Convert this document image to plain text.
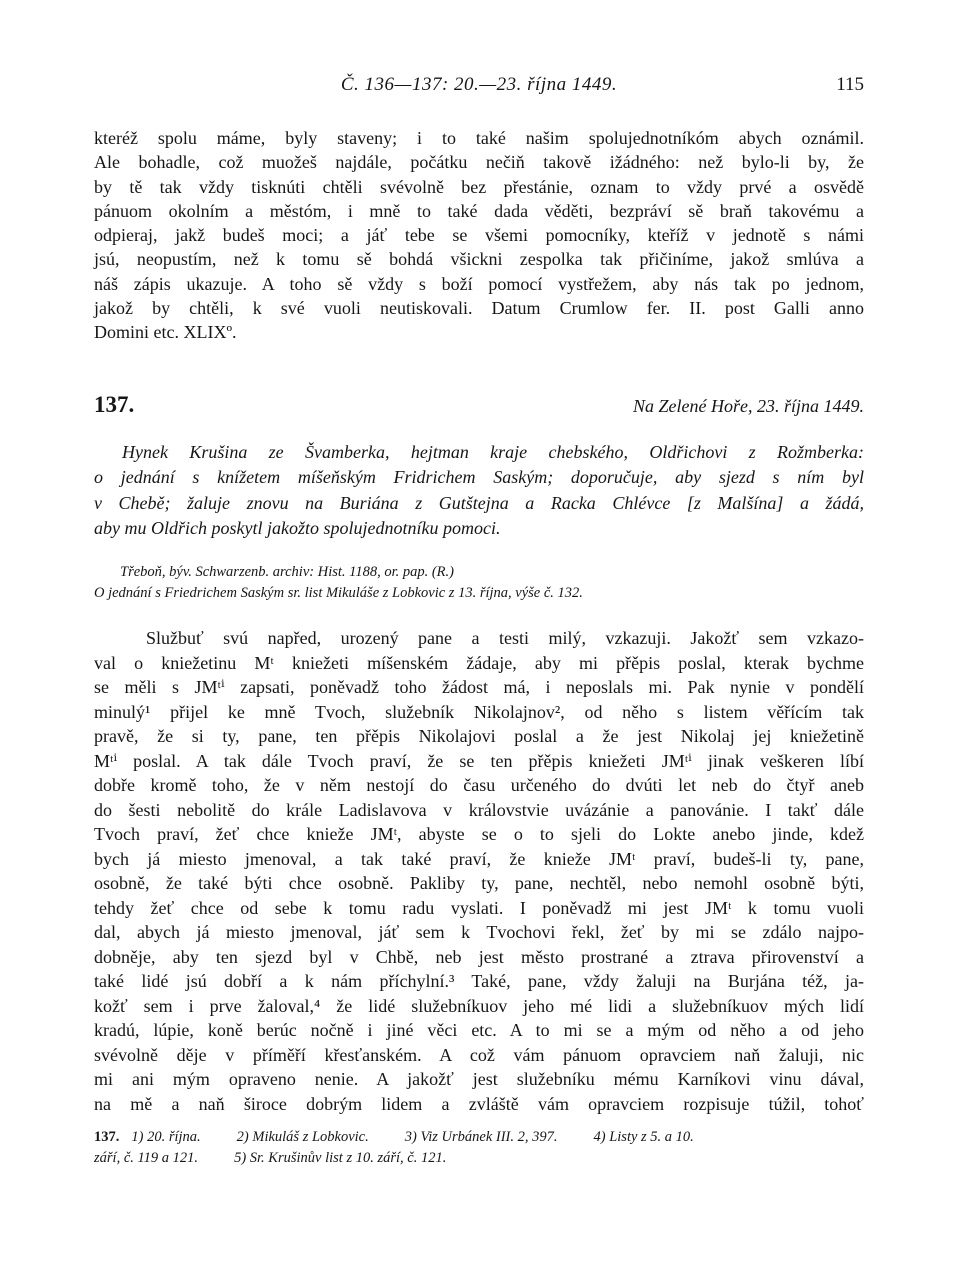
Č. 136—137: 20.—23. října 1449.	115
kteréž spolu máme, byly staveny; i to také našim spolujednotníkóm abych oznámil.
Ale bohadle, což muožeš najdále, počátku nečiň takově ižádného: než bylo-li by, že
by tě tak vždy tisknúti chtěli svévolně bez přestánie, oznam to vždy prvé a osvědě
pánuom okolním a městóm, i mně to také dada věděti, bezpráví sě braň takovému a
odpieraj, jakž budeš moci; a jáť tebe se všemi pomocníky, kteříž v jednotě s námi
jsú, neopustím, než k tomu sě bohdá všickni zespolka tak přičiníme, jakož smlúva a
náš zápis ukazuje. A toho sě vždy s boží pomocí vystřežem, aby nás tak po jednom,
jakož by chtěli, k své vuoli neutiskovali. Datum Crumlow fer. II. post Galli anno
Domini etc. XLIXº.
137.	Na Zelené Hoře, 23. října 1449.
Hynek Krušina ze Švamberka, hejtman kraje chebského, Oldřichovi z Rožmberka:
o jednání s knížetem míšeňským Fridrichem Saským; doporučuje, aby sjezd s ním byl
v Chebě; žaluje znovu na Buriána z Gutštejna a Racka Chlévce [z Malšína] a žádá,
aby mu Oldřich poskytl jakožto spolujednotníku pomoci.
Třeboň, býv. Schwarzenb. archiv: Hist. 1188, or. pap. (R.)
O jednání s Friedrichem Saským sr. list Mikuláše z Lobkovic z 13. října, výše č. 132.
Službuť svú napřed, urozený pane a testi milý, vzkazuji. Jakožť sem vzkazo-
val o kniežetinu Mᵗ kniežeti míšenském žádaje, aby mi přěpis poslal, kterak bychme
se měli s JMᵗⁱ zapsati, poněvadž toho žádost má, i neposlals mi. Pak nynie v pondělí
minulý¹ přijel ke mně Tvoch, služebník Nikolajnov², od něho s listem věřícím tak
pravě, že si ty, pane, ten přěpis Nikolajovi poslal a že jest Nikolaj jej kniežetině
Mᵗⁱ poslal. A tak dále Tvoch praví, že se ten přěpis kniežeti JMᵗⁱ jinak veškeren líbí
dobře kromě toho, že v něm nestojí do času určeného do dvúti let neb do čtyř aneb
do šesti nebolitě do krále Ladislavova v královstvie uvázánie a panovánie. I takť dále
Tvoch praví, žeť chce knieže JMᵗ, abyste se o to sjeli do Lokte anebo jinde, kdež
bych já miesto jmenoval, a tak také praví, že knieže JMᵗ praví, budeš-li ty, pane,
osobně, že také býti chce osobně. Pakliby ty, pane, nechtěl, nebo nemohl osobně býti,
tehdy žeť chce od sebe k tomu radu vyslati. I poněvadž mi jest JMᵗ k tomu vuoli
dal, abych já miesto jmenoval, jáť sem k Tvochovi řekl, žeť by mi se zdálo najpo-
dobněje, aby ten sjezd byl v Chbě, neb jest město prostrané a ztrava přirovenství a
také lidé jsú dobří a k nám příchylní.³ Také, pane, vždy žaluji na Burjána též, ja-
kožť sem i prve žaloval,⁴ že lidé služebníkuov jeho mé lidi a služebníkuov mých lidí
kradú, lúpie, koně berúc nočně i jiné věci etc. A to mi se a mým od něho a od jeho
svévolně děje v příměří křesťanském. A což vám pánuom opravciem naň žaluji, nic
mi ani mým opraveno nenie. A jakožť jest služebníku mému Karníkovi vinu dával,
na mě a naň široce dobrým lidem a zvláště vám opravciem rozpisuje túžil, tohoť
137. 1) 20. října. 2) Mikuláš z Lobkovic. 3) Viz Urbánek III. 2, 397. 4) Listy z 5. a 10.
září, č. 119 a 121. 5) Sr. Krušinův list z 10. září, č. 121.
